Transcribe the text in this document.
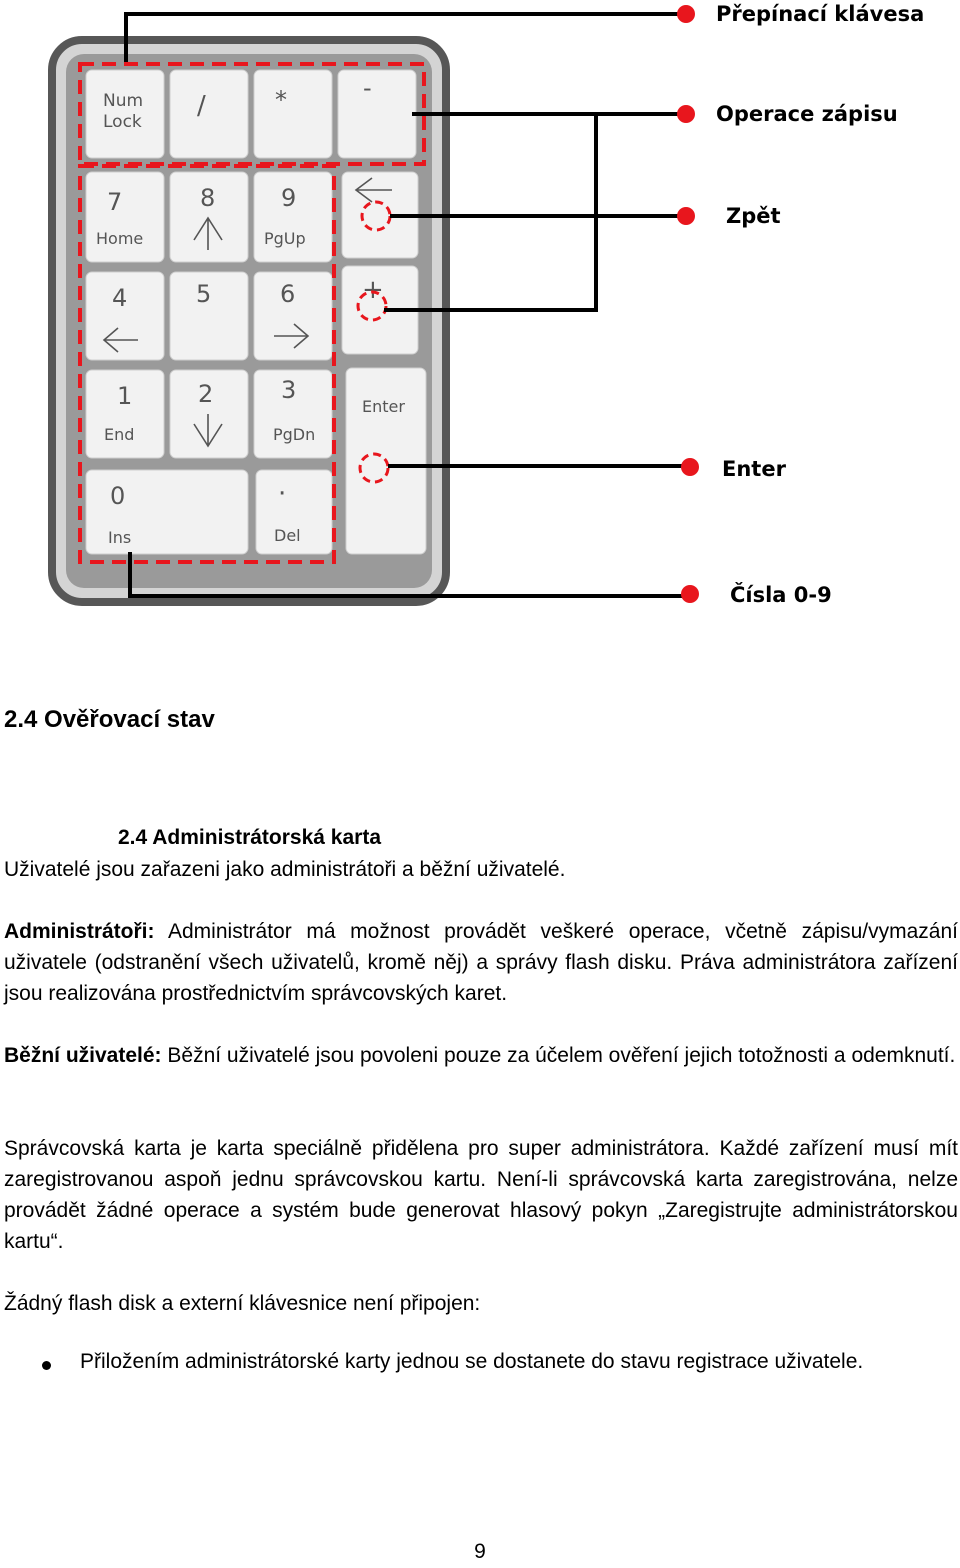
Num
Lock
/	*	-
7
Home
8	9
PgUp
4	5	6	+
1
End
2	3
PgDn
Enter
0
Ins
·
Del
Přepínací klávesa
Operace zápisu
Zpět
Enter
Čísla 0-9
2.4 Ověřovací stav
2.4 Administrátorská karta
Uživatelé jsou zařazeni jako administrátoři a běžní uživatelé.
Administrátoři: Administrátor má možnost provádět veškeré operace, včetně zápisu/vymazání uživatele (odstranění všech uživatelů, kromě něj) a správy flash disku. Práva administrátora zařízení jsou realizována prostřednictvím správcovských karet.
Běžní uživatelé: Běžní uživatelé jsou povoleni pouze za účelem ověření jejich totožnosti a odemknutí.
Správcovská karta je karta speciálně přidělena pro super administrátora. Každé zařízení musí mít zaregistrovanou aspoň jednu správcovskou kartu. Není-li správcovská karta zaregistrována, nelze provádět žádné operace a systém bude generovat hlasový pokyn „Zaregistrujte administrátorskou kartu“.
Žádný flash disk a externí klávesnice není připojen:
Přiložením administrátorské karty jednou se dostanete do stavu registrace uživatele.
9
